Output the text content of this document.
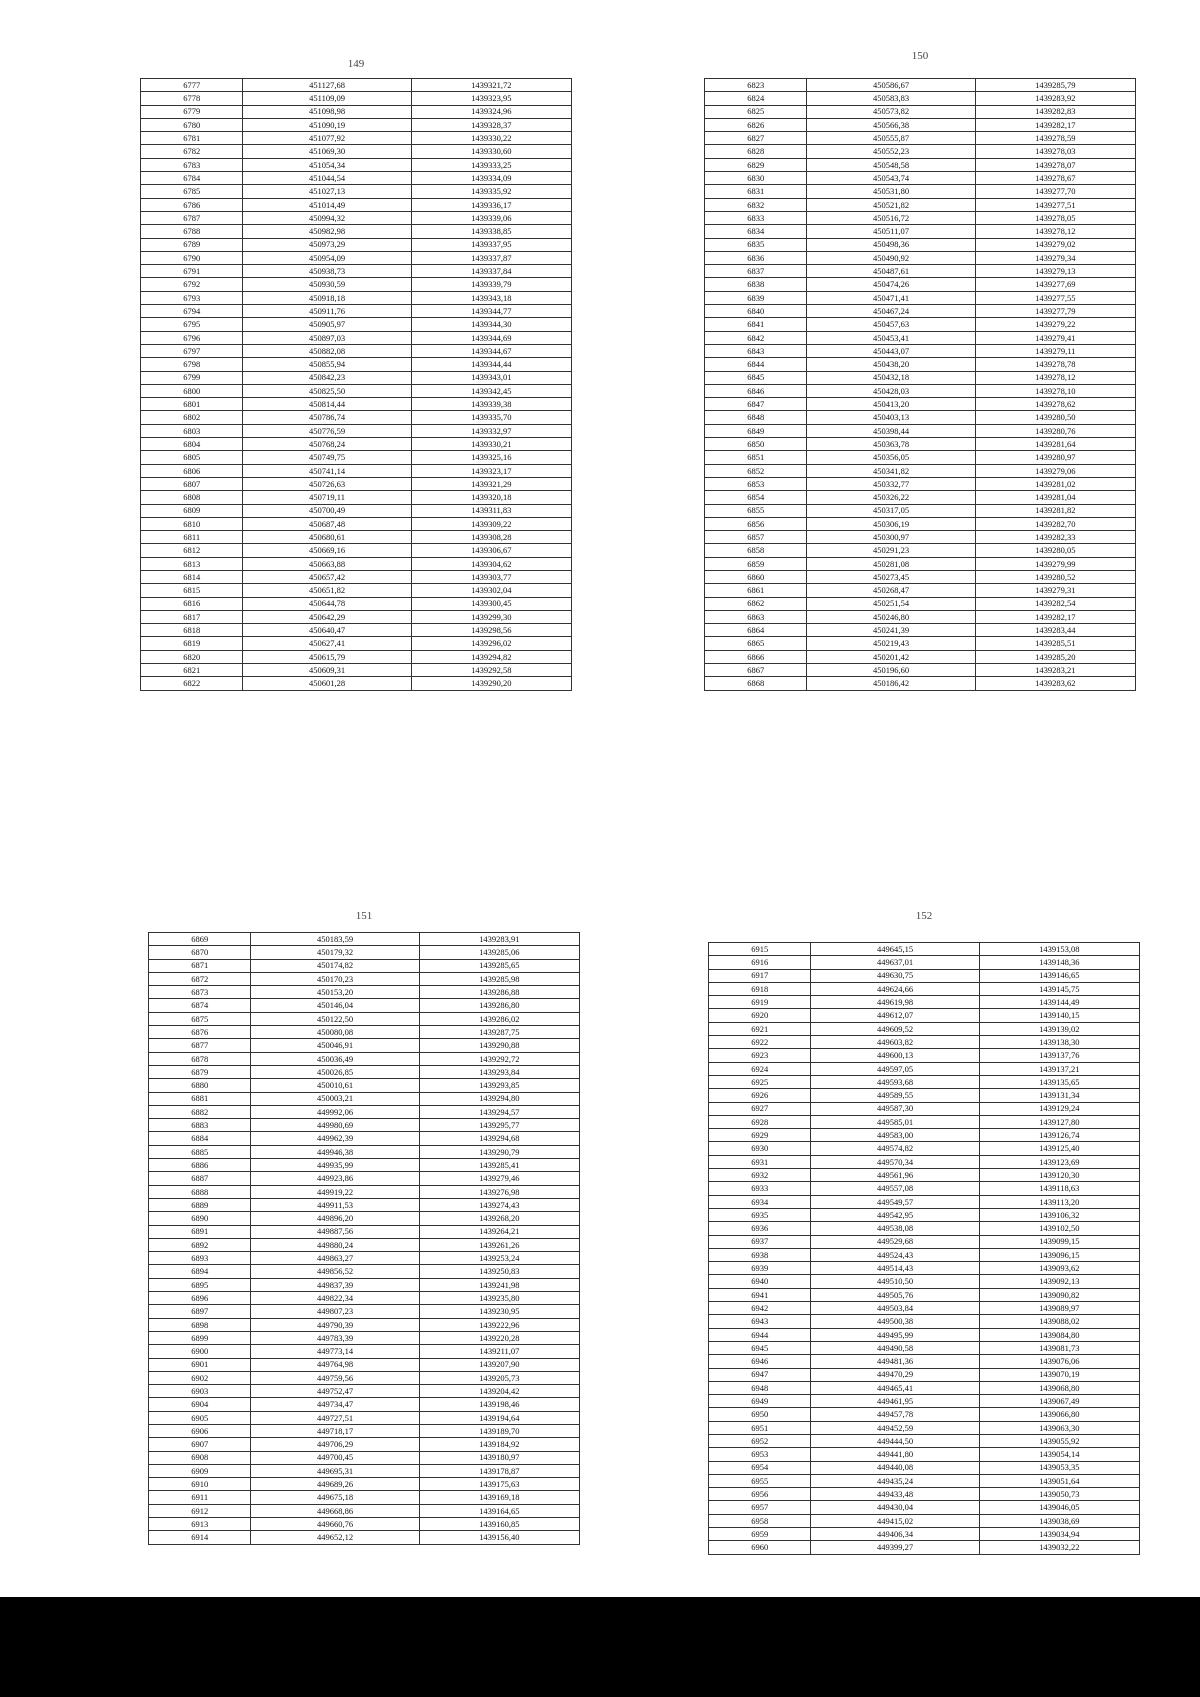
149
6777	451127,68	1439321,72
6778	451109,09	1439323,95
6779	451098,98	1439324,96
6780	451090,19	1439328,37
6781	451077,92	1439330,22
6782	451069,30	1439330,60
6783	451054,34	1439333,25
6784	451044,54	1439334,09
6785	451027,13	1439335,92
6786	451014,49	1439336,17
6787	450994,32	1439339,06
6788	450982,98	1439338,85
6789	450973,29	1439337,95
6790	450954,09	1439337,87
6791	450938,73	1439337,84
6792	450930,59	1439339,79
6793	450918,18	1439343,18
6794	450911,76	1439344,77
6795	450905,97	1439344,30
6796	450897,03	1439344,69
6797	450882,08	1439344,67
6798	450855,94	1439344,44
6799	450842,23	1439343,01
6800	450825,50	1439342,45
6801	450814,44	1439339,38
6802	450786,74	1439335,70
6803	450776,59	1439332,97
6804	450768,24	1439330,21
6805	450749,75	1439325,16
6806	450741,14	1439323,17
6807	450726,63	1439321,29
6808	450719,11	1439320,18
6809	450700,49	1439311,83
6810	450687,48	1439309,22
6811	450680,61	1439308,28
6812	450669,16	1439306,67
6813	450663,88	1439304,62
6814	450657,42	1439303,77
6815	450651,82	1439302,04
6816	450644,78	1439300,45
6817	450642,29	1439299,30
6818	450640,47	1439298,56
6819	450627,41	1439296,02
6820	450615,79	1439294,82
6821	450609,31	1439292,58
6822	450601,28	1439290,20
150
6823	450586,67	1439285,79
6824	450583,83	1439283,92
6825	450573,82	1439282,83
6826	450566,38	1439282,17
6827	450555,87	1439278,59
6828	450552,23	1439278,03
6829	450548,58	1439278,07
6830	450543,74	1439278,67
6831	450531,80	1439277,70
6832	450521,82	1439277,51
6833	450516,72	1439278,05
6834	450511,07	1439278,12
6835	450498,36	1439279,02
6836	450490,92	1439279,34
6837	450487,61	1439279,13
6838	450474,26	1439277,69
6839	450471,41	1439277,55
6840	450467,24	1439277,79
6841	450457,63	1439279,22
6842	450453,41	1439279,41
6843	450443,07	1439279,11
6844	450438,20	1439278,78
6845	450432,18	1439278,12
6846	450428,03	1439278,10
6847	450413,20	1439278,62
6848	450403,13	1439280,50
6849	450398,44	1439280,76
6850	450363,78	1439281,64
6851	450356,05	1439280,97
6852	450341,82	1439279,06
6853	450332,77	1439281,02
6854	450326,22	1439281,04
6855	450317,05	1439281,82
6856	450306,19	1439282,70
6857	450300,97	1439282,33
6858	450291,23	1439280,05
6859	450281,08	1439279,99
6860	450273,45	1439280,52
6861	450268,47	1439279,31
6862	450251,54	1439282,54
6863	450246,80	1439282,17
6864	450241,39	1439283,44
6865	450219,43	1439285,51
6866	450201,42	1439285,20
6867	450196,60	1439283,21
6868	450186,42	1439283,62
151
6869	450183,59	1439283,91
6870	450179,32	1439285,06
6871	450174,82	1439285,65
6872	450170,23	1439285,98
6873	450153,20	1439286,88
6874	450146,04	1439286,80
6875	450122,50	1439286,02
6876	450080,08	1439287,75
6877	450046,91	1439290,88
6878	450036,49	1439292,72
6879	450026,85	1439293,84
6880	450010,61	1439293,85
6881	450003,21	1439294,80
6882	449992,06	1439294,57
6883	449980,69	1439295,77
6884	449962,39	1439294,68
6885	449946,38	1439290,79
6886	449935,99	1439285,41
6887	449923,86	1439279,46
6888	449919,22	1439276,98
6889	449911,53	1439274,43
6890	449896,20	1439268,20
6891	449887,56	1439264,21
6892	449880,24	1439261,26
6893	449863,27	1439253,24
6894	449856,52	1439250,83
6895	449837,39	1439241,98
6896	449822,34	1439235,80
6897	449807,23	1439230,95
6898	449790,39	1439222,96
6899	449783,39	1439220,28
6900	449773,14	1439211,07
6901	449764,98	1439207,90
6902	449759,56	1439205,73
6903	449752,47	1439204,42
6904	449734,47	1439198,46
6905	449727,51	1439194,64
6906	449718,17	1439189,70
6907	449706,29	1439184,92
6908	449700,45	1439180,97
6909	449695,31	1439178,87
6910	449689,26	1439175,63
6911	449675,18	1439169,18
6912	449668,86	1439164,65
6913	449660,76	1439160,85
6914	449652,12	1439156,40
152
6915	449645,15	1439153,08
6916	449637,01	1439148,36
6917	449630,75	1439146,65
6918	449624,66	1439145,75
6919	449619,98	1439144,49
6920	449612,07	1439140,15
6921	449609,52	1439139,02
6922	449603,82	1439138,30
6923	449600,13	1439137,76
6924	449597,05	1439137,21
6925	449593,68	1439135,65
6926	449589,55	1439131,34
6927	449587,30	1439129,24
6928	449585,01	1439127,80
6929	449583,00	1439126,74
6930	449574,82	1439125,40
6931	449570,34	1439123,69
6932	449561,96	1439120,30
6933	449557,08	1439118,63
6934	449549,57	1439113,20
6935	449542,95	1439106,32
6936	449538,08	1439102,50
6937	449529,68	1439099,15
6938	449524,43	1439096,15
6939	449514,43	1439093,62
6940	449510,50	1439092,13
6941	449505,76	1439090,82
6942	449503,84	1439089,97
6943	449500,38	1439088,02
6944	449495,99	1439084,80
6945	449490,58	1439081,73
6946	449481,36	1439076,06
6947	449470,29	1439070,19
6948	449465,41	1439068,80
6949	449461,95	1439067,49
6950	449457,78	1439066,80
6951	449452,59	1439063,30
6952	449444,50	1439055,92
6953	449441,80	1439054,14
6954	449440,08	1439053,35
6955	449435,24	1439051,64
6956	449433,48	1439050,73
6957	449430,04	1439046,05
6958	449415,02	1439038,69
6959	449406,34	1439034,94
6960	449399,27	1439032,22
